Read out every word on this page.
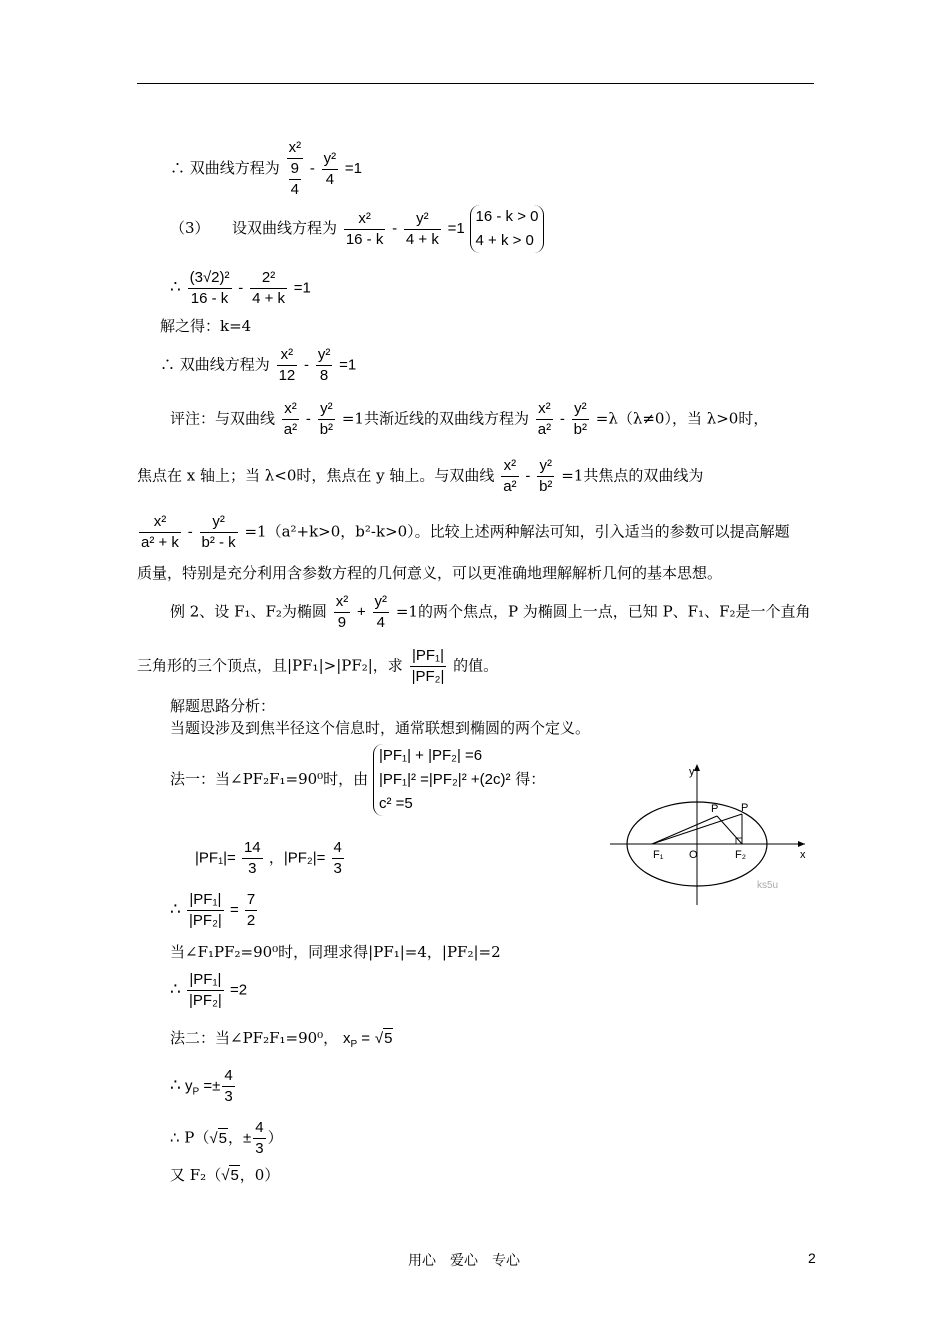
∴ 双曲线方程为 $\frac{\text{x²}}{\frac{9}{4}} - \frac{\text{y²}}{4} =1$
（3）　　设双曲线方程为 $\frac{\text{x²}}{16 - k} - \frac{\text{y²}}{4 + k} =1$
16 - k > 0
4 + k > 0
∴ $\frac{\text{(3√2)²}}{16 - k} - \frac{\text{2²}}{4 + k} =1$
解之得：k=4
∴ 双曲线方程为 $\frac{\text{x²}}{12} - \frac{\text{y²}}{8} =1$
评注：与双曲线 $\frac{\text{x²}}{\text{a²}} - \frac{\text{y²}}{\text{b²}} =1$共渐近线的双曲线方程为 $\frac{\text{x²}}{\text{a²}} - \frac{\text{y²}}{\text{b²}} =\lambda(\lambda\ne 0)$，当 λ>0时，
焦点在 x 轴上；当 λ<0时，焦点在 y 轴上。与双曲线 $\frac{\text{x²}}{\text{a²}} - \frac{\text{y²}}{\text{b²}} =1$共焦点的双曲线为
$\frac{\text{x²}}{\text{a² + k}} - \frac{\text{y²}}{\text{b² - k}} =1(a^2+k>0$，b²-k>0）。比较上述两种解法可知，引入适当的参数可以提高解题
质量，特别是充分利用含参数方程的几何意义，可以更准确地理解解析几何的基本思想。
例 2、设 F₁、F₂为椭圆 $\frac{\text{x²}}{9} + \frac{\text{y²}}{4} =1$的两个焦点，P 为椭圆上一点，已知 P、F₁、F₂是一个直角
三角形的三个顶点，且|PF₁|>|PF₂|，求 $\frac{\text{|PF₁|}}{\text{|PF₂|}}$ 的值。
解题思路分析：
当题设涉及到焦半径这个信息时，通常联想到椭圆的两个定义。
法一：当∠PF₂F₁=90⁰时，由
|PF₁| + |PF₂| =6
|PF₁|² =|PF₂|² +(2c)²
c² =5
得：
$|PF_1|= \frac{14}{3}$ ，$|PF_2|= \frac{4}{3}$
∴ $\frac{\text{|PF₁|}}{\text{|PF₂|}} = \frac{7}{2}$
当∠F₁PF₂=90⁰时，同理求得|PF₁|=4，|PF₂|=2
∴ $\frac{\text{|PF₁|}}{\text{|PF₂|}} =2$
法二：当∠PF₂F₁=90⁰， $x_P = √5$
∴ $y_P =\pm \frac{4}{3}$
∴ P（√5，± $\frac{4}{3}$ ）
又 F₂（√5，0）
y
x
P P
F₁ O	F₂
ks5u
用心　爱心　专心	2
